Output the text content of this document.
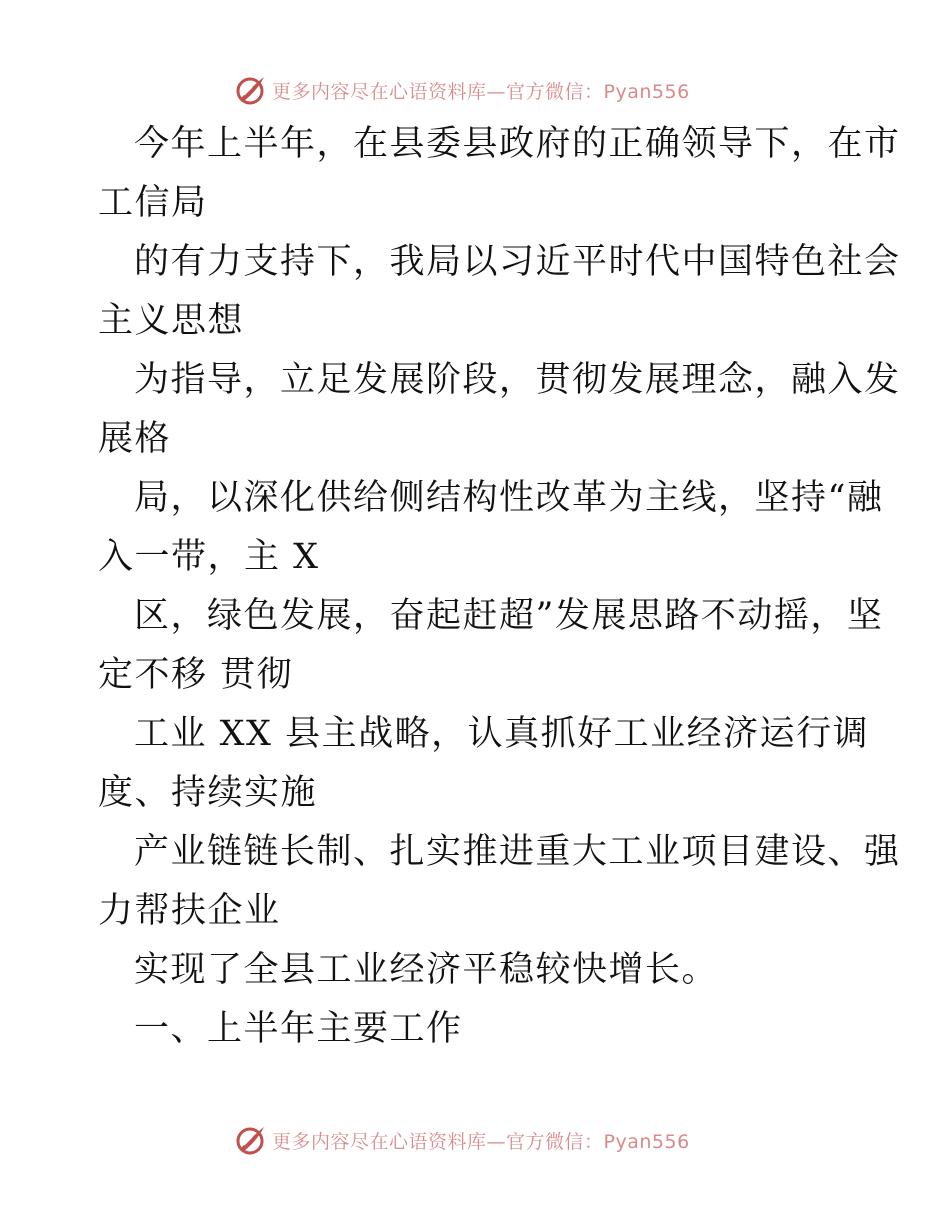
更多内容尽在心语资料库—官方微信：Pyan556
今年上半年，在县委县政府的正确领导下，在市
工信局
的有力支持下，我局以习近平时代中国特色社会
主义思想
为指导，立足发展阶段，贯彻发展理念，融入发
展格
局，以深化供给侧结构性改革为主线，坚持“融
入一带，主 X
区，绿色发展，奋起赶超”发展思路不动摇，坚
定不移 贯彻
工业 XX 县主战略，认真抓好工业经济运行调
度、持续实施
产业链链长制、扎实推进重大工业项目建设、强
力帮扶企业
实现了全县工业经济平稳较快增长。
一、上半年主要工作
更多内容尽在心语资料库—官方微信：Pyan556
